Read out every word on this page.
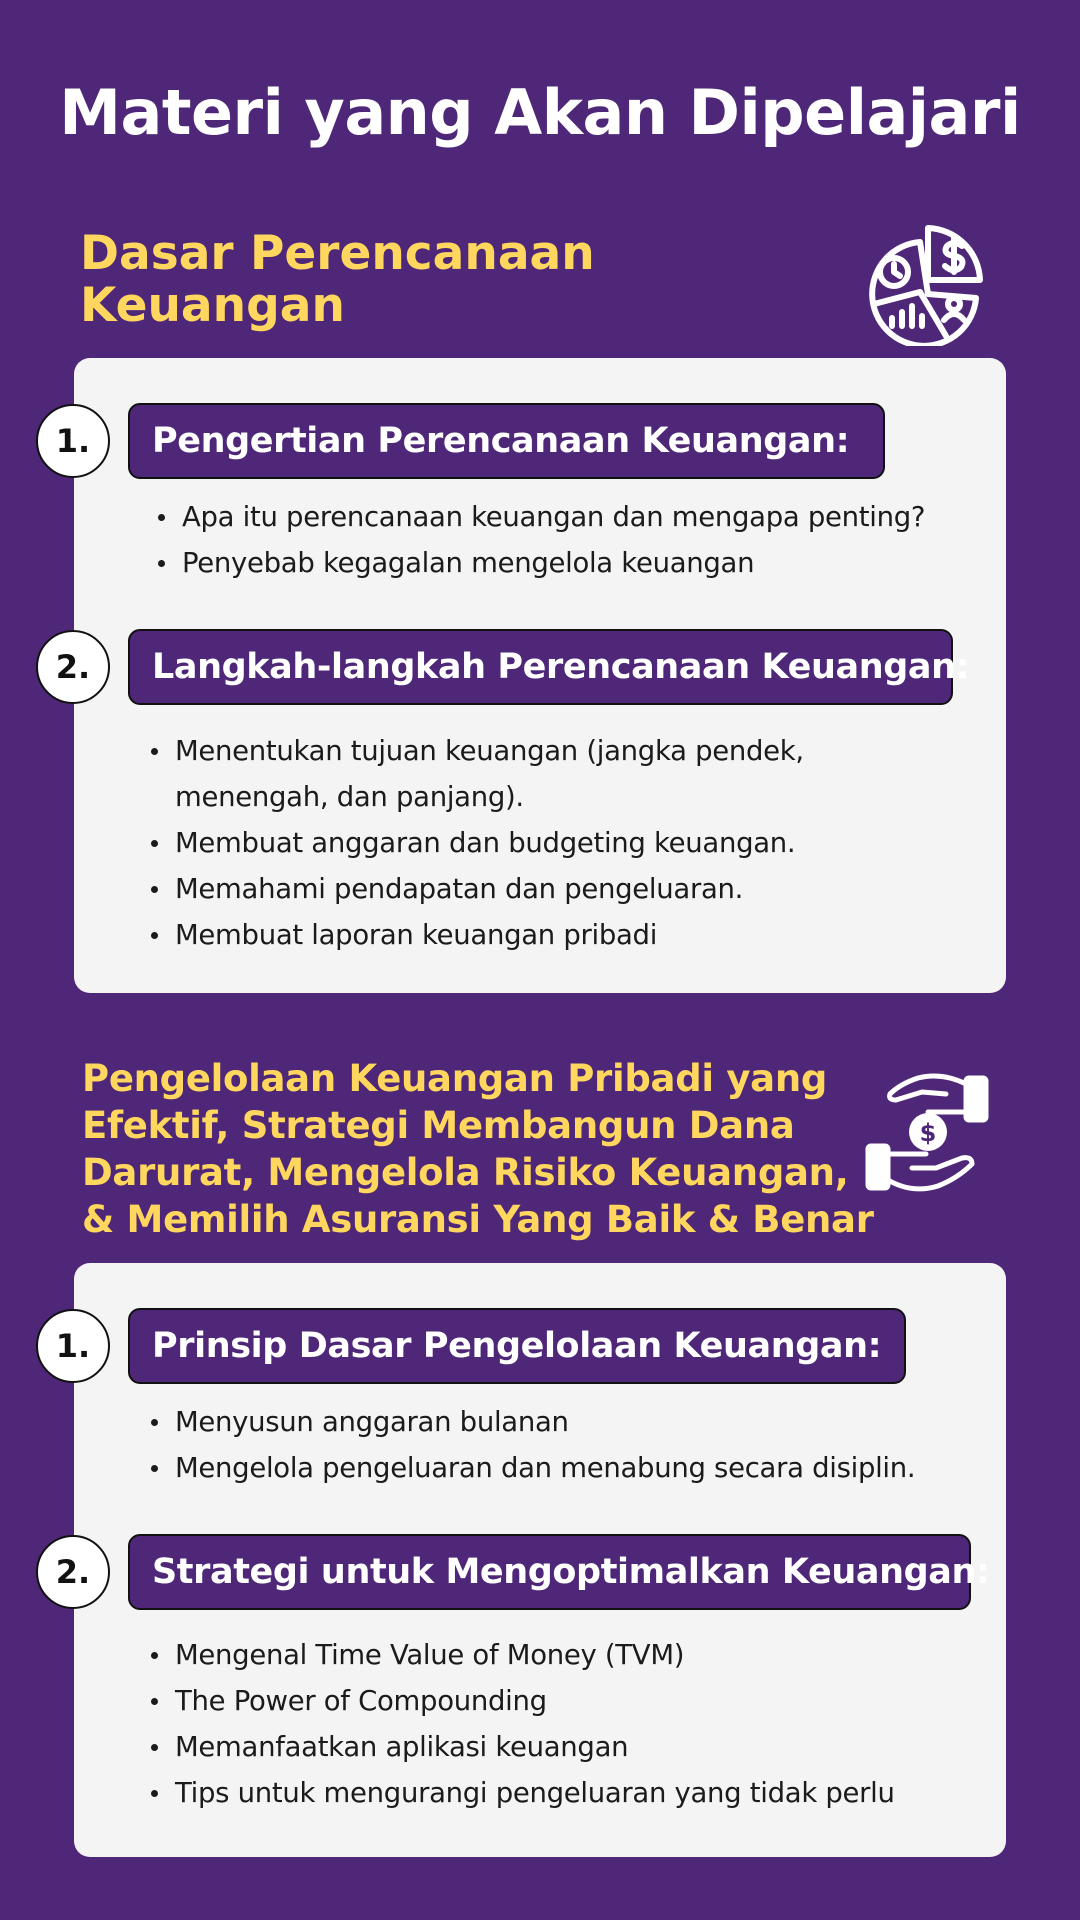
Materi yang Akan Dipelajari
Dasar Perencanaan Keuangan
1.	Pengertian Perencanaan Keuangan:
Apa itu perencanaan keuangan dan mengapa penting?
Penyebab kegagalan mengelola keuangan
2.	Langkah-langkah Perencanaan Keuangan:
Menentukan tujuan keuangan (jangka pendek,
menengah, dan panjang).
Membuat anggaran dan budgeting keuangan.
Memahami pendapatan dan pengeluaran.
Membuat laporan keuangan pribadi
Pengelolaan Keuangan Pribadi yang
Efektif, Strategi Membangun Dana
Darurat, Mengelola Risiko Keuangan,
& Memilih Asuransi Yang Baik & Benar
$
1.	Prinsip Dasar Pengelolaan Keuangan:
Menyusun anggaran bulanan
Mengelola pengeluaran dan menabung secara disiplin.
2.	Strategi untuk Mengoptimalkan Keuangan:
Mengenal Time Value of Money (TVM)
The Power of Compounding
Memanfaatkan aplikasi keuangan
Tips untuk mengurangi pengeluaran yang tidak perlu
